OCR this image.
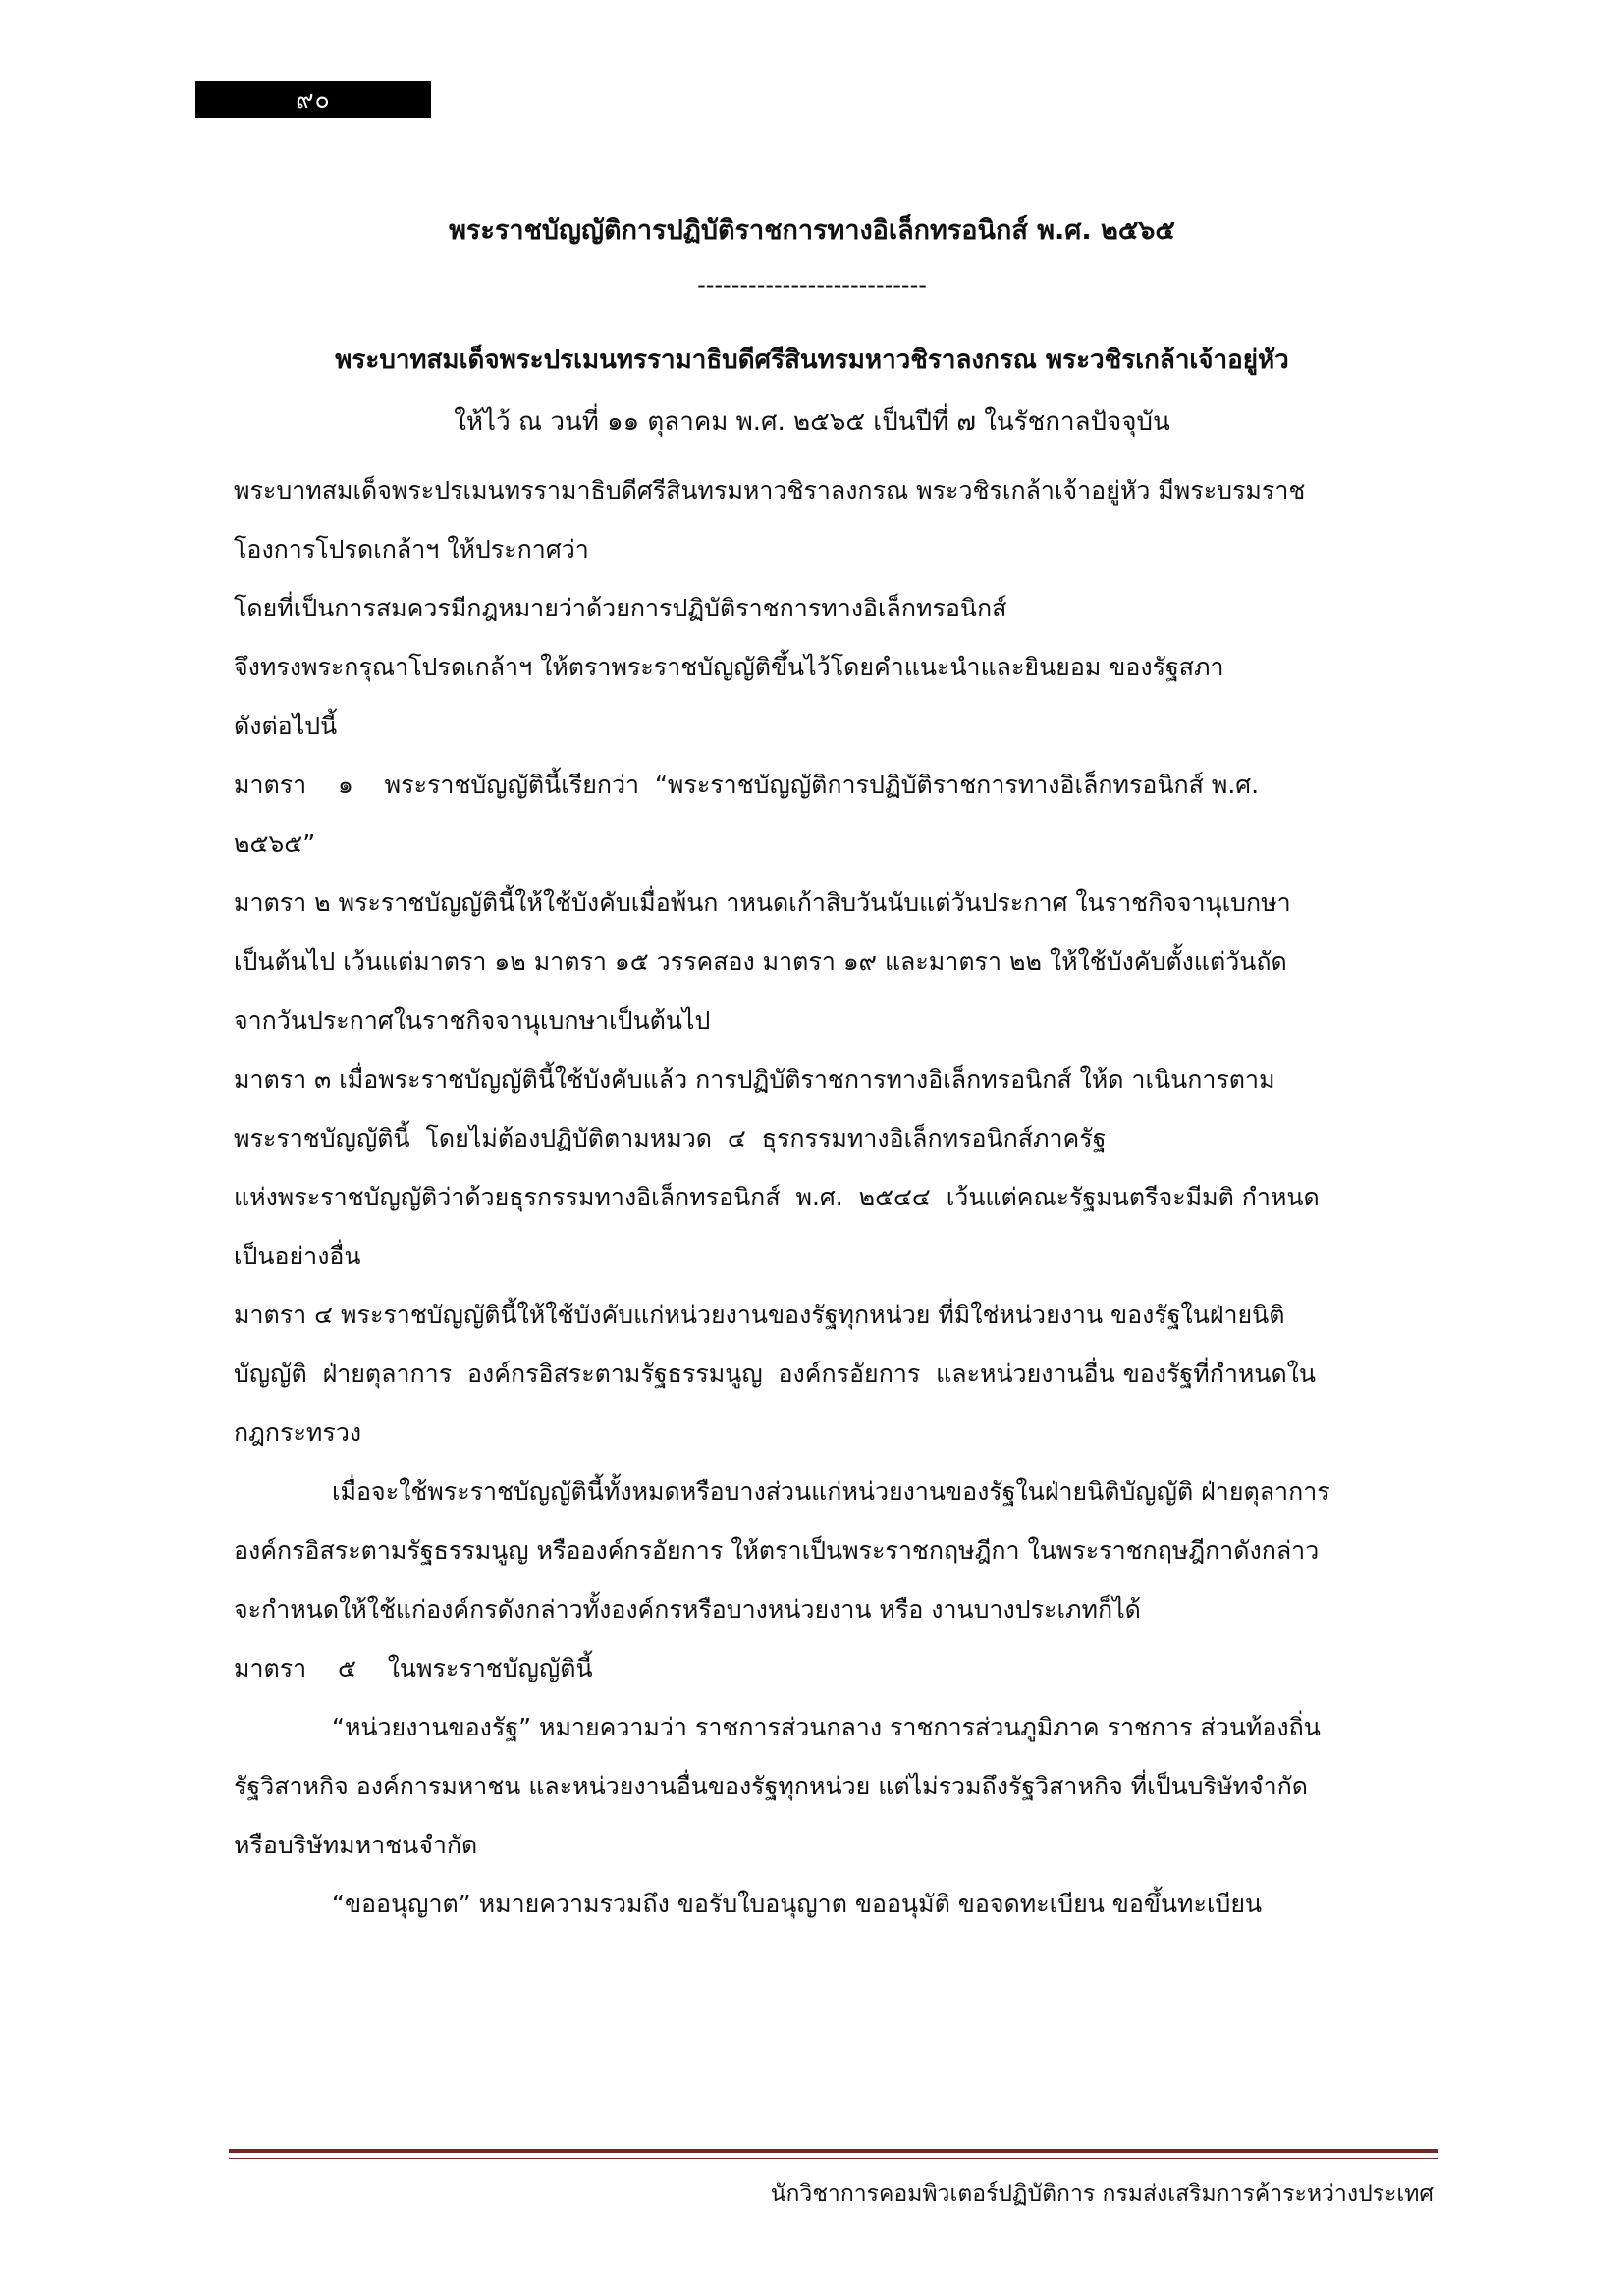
๙๐
พระราชบัญญัติการปฏิบัติราชการทางอิเล็กทรอนิกส์ พ.ศ. ๒๕๖๕
---------------------------
พระบาทสมเด็จพระปรเมนทรรามาธิบดีศรีสินทรมหาวชิราลงกรณ พระวชิรเกล้าเจ้าอยู่หัว
ให้ไว้ ณ วนที่ ๑๑ ตุลาคม พ.ศ. ๒๕๖๕ เป็นปีที่ ๗ ในรัชกาลปัจจุบัน
พระบาทสมเด็จพระปรเมนทรรามาธิบดีศรีสินทรมหาวชิราลงกรณ พระวชิรเกล้าเจ้าอยู่หัว มีพระบรมราช
โองการโปรดเกล้าฯ ให้ประกาศว่า
โดยที่เป็นการสมควรมีกฎหมายว่าด้วยการปฏิบัติราชการทางอิเล็กทรอนิกส์
จึงทรงพระกรุณาโปรดเกล้าฯ ให้ตราพระราชบัญญัติขึ้นไว้โดยคำแนะนำและยินยอม ของรัฐสภา
ดังต่อไปนี้
มาตรา    ๑    พระราชบัญญัตินี้เรียกว่า  “พระราชบัญญัติการปฏิบัติราชการทางอิเล็กทรอนิกส์ พ.ศ.
๒๕๖๕”
มาตรา ๒ พระราชบัญญัตินี้ให้ใช้บังคับเมื่อพ้นก าหนดเก้าสิบวันนับแต่วันประกาศ ในราชกิจจานุเบกษา
เป็นต้นไป เว้นแต่มาตรา ๑๒ มาตรา ๑๕ วรรคสอง มาตรา ๑๙ และมาตรา ๒๒ ให้ใช้บังคับตั้งแต่วันถัด
จากวันประกาศในราชกิจจานุเบกษาเป็นต้นไป
มาตรา ๓ เมื่อพระราชบัญญัตินี้ใช้บังคับแล้ว การปฏิบัติราชการทางอิเล็กทรอนิกส์ ให้ด าเนินการตาม
พระราชบัญญัตินี้  โดยไม่ต้องปฏิบัติตามหมวด  ๔  ธุรกรรมทางอิเล็กทรอนิกส์ภาครัฐ
แห่งพระราชบัญญัติว่าด้วยธุรกรรมทางอิเล็กทรอนิกส์  พ.ศ.  ๒๕๔๔  เว้นแต่คณะรัฐมนตรีจะมีมติ กำหนด
เป็นอย่างอื่น
มาตรา ๔ พระราชบัญญัตินี้ให้ใช้บังคับแก่หน่วยงานของรัฐทุกหน่วย ที่มิใช่หน่วยงาน ของรัฐในฝ่ายนิติ
บัญญัติ  ฝ่ายตุลาการ  องค์กรอิสระตามรัฐธรรมนูญ  องค์กรอัยการ  และหน่วยงานอื่น ของรัฐที่กำหนดใน
กฎกระทรวง
เมื่อจะใช้พระราชบัญญัตินี้ทั้งหมดหรือบางส่วนแก่หน่วยงานของรัฐในฝ่ายนิติบัญญัติ ฝ่ายตุลาการ
องค์กรอิสระตามรัฐธรรมนูญ หรือองค์กรอัยการ ให้ตราเป็นพระราชกฤษฎีกา ในพระราชกฤษฎีกาดังกล่าว
จะกำหนดให้ใช้แก่องค์กรดังกล่าวทั้งองค์กรหรือบางหน่วยงาน หรือ งานบางประเภทก็ได้
มาตรา    ๕    ในพระราชบัญญัตินี้
“หน่วยงานของรัฐ” หมายความว่า ราชการส่วนกลาง ราชการส่วนภูมิภาค ราชการ ส่วนท้องถิ่น
รัฐวิสาหกิจ องค์การมหาชน และหน่วยงานอื่นของรัฐทุกหน่วย แต่ไม่รวมถึงรัฐวิสาหกิจ ที่เป็นบริษัทจำกัด
หรือบริษัทมหาชนจำกัด
“ขออนุญาต” หมายความรวมถึง ขอรับใบอนุญาต ขออนุมัติ ขอจดทะเบียน ขอขึ้นทะเบียน
นักวิชาการคอมพิวเตอร์ปฏิบัติการ กรมส่งเสริมการค้าระหว่างประเทศ
